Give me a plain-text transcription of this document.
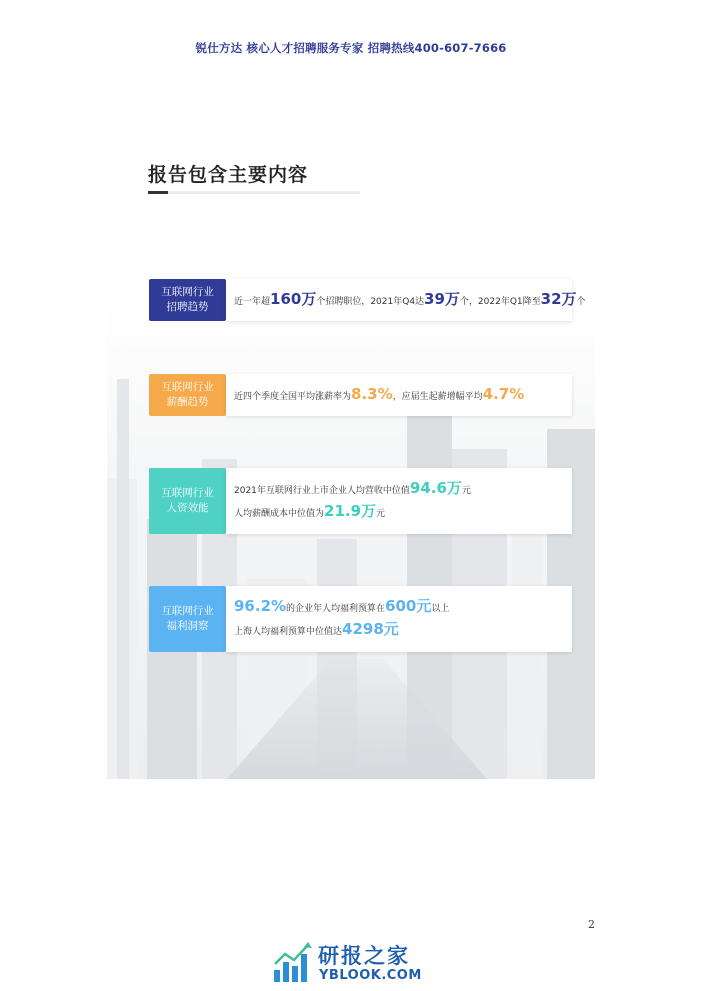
锐仕方达 核心人才招聘服务专家 招聘热线400-607-7666
报告包含主要内容
互联网行业
招聘趋势	近一年超160万个招聘职位，2021年Q4达39万个，2022年Q1降至32万个
互联网行业
薪酬趋势	近四个季度全国平均涨薪率为8.3%，应届生起薪增幅平均4.7%
互联网行业
人资效能
2021年互联网行业上市企业人均营收中位值94.6万元
人均薪酬成本中位值为21.9万元
互联网行业
福利洞察
96.2%的企业年人均福利预算在600元以上
上海人均福利预算中位值达4298元
2
研报之家
YBLOOK.COM
